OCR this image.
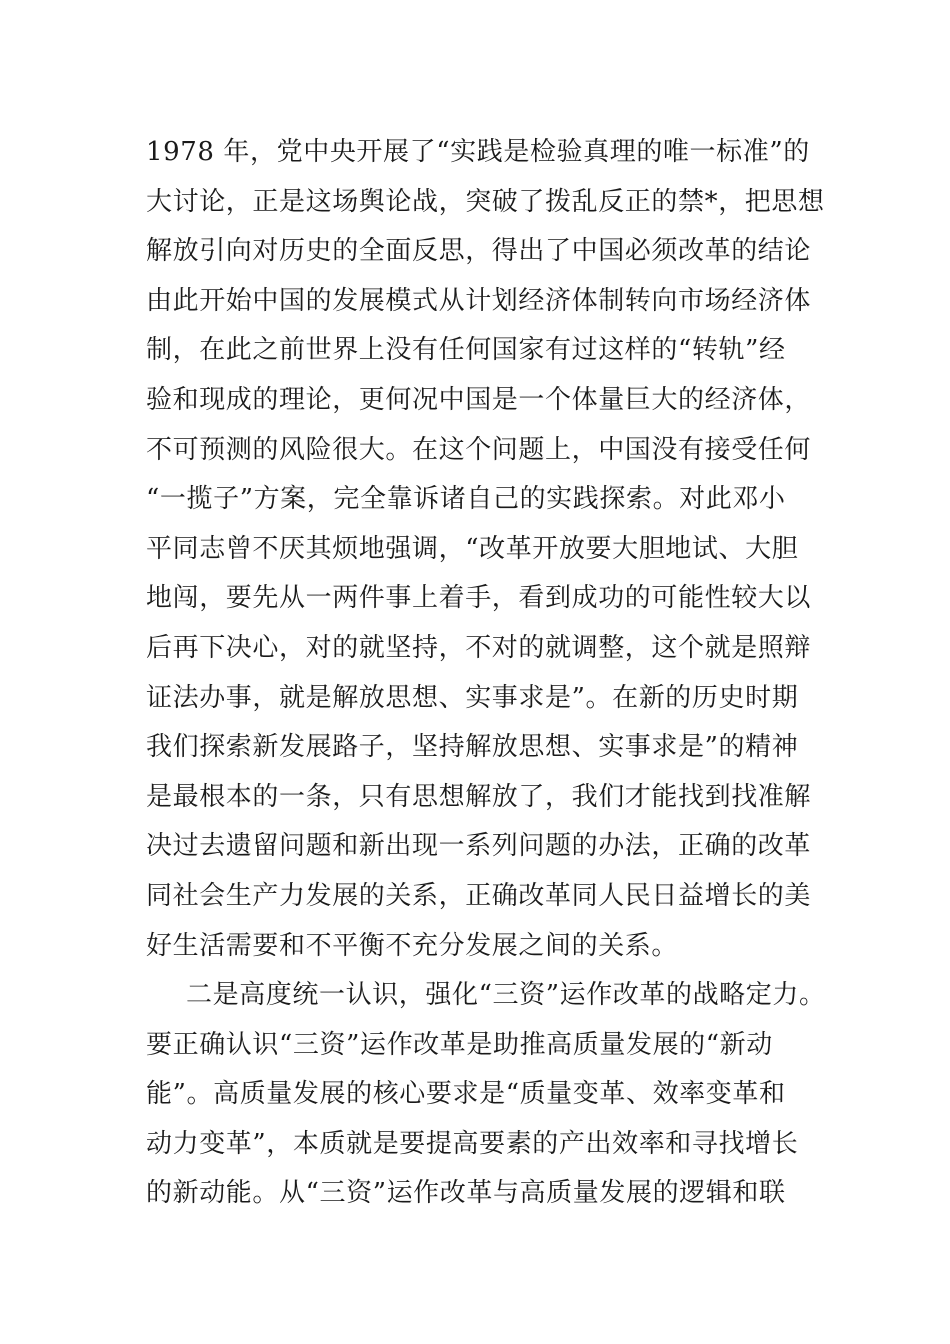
1978 年，党中央开展了“实践是检验真理的唯一标准”的
大讨论，正是这场舆论战，突破了拨乱反正的禁*，把思想
解放引向对历史的全面反思，得出了中国必须改革的结论
由此开始中国的发展模式从计划经济体制转向市场经济体
制，在此之前世界上没有任何国家有过这样的“转轨”经
验和现成的理论，更何况中国是一个体量巨大的经济体，
不可预测的风险很大。在这个问题上，中国没有接受任何
“一揽子”方案，完全靠诉诸自己的实践探索。对此邓小
平同志曾不厌其烦地强调，“改革开放要大胆地试、大胆
地闯，要先从一两件事上着手，看到成功的可能性较大以
后再下决心，对的就坚持，不对的就调整，这个就是照辩
证法办事，就是解放思想、实事求是”。在新的历史时期
我们探索新发展路子，坚持解放思想、实事求是”的精神
是最根本的一条，只有思想解放了，我们才能找到找准解
决过去遗留问题和新出现一系列问题的办法，正确的改革
同社会生产力发展的关系，正确改革同人民日益增长的美
好生活需要和不平衡不充分发展之间的关系。
二是高度统一认识，强化“三资”运作改革的战略定力。
要正确认识“三资”运作改革是助推高质量发展的“新动
能”。高质量发展的核心要求是“质量变革、效率变革和
动力变革”，本质就是要提高要素的产出效率和寻找增长
的新动能。从“三资”运作改革与高质量发展的逻辑和联
